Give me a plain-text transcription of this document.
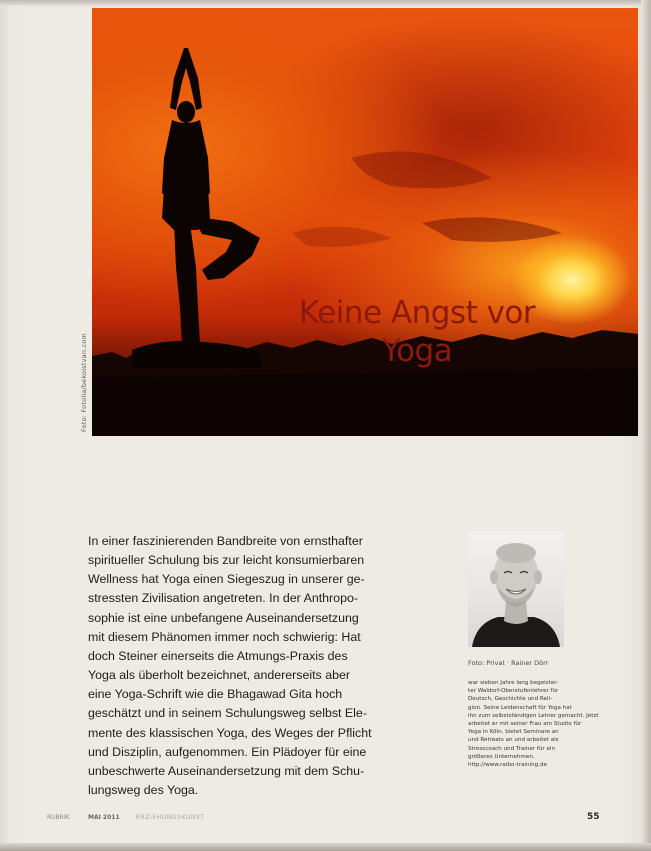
Keine Angst vor
Yoga
Foto: Fotolia/bekoistvan.com
In einer faszinierenden Bandbreite von ernsthafter
spiritueller Schulung bis zur leicht konsumierbaren
Wellness hat Yoga einen Siegeszug in unserer ge-
stressten Zivilisation angetreten. In der Anthropo-
sophie ist eine unbefangene Auseinandersetzung
mit diesem Phänomen immer noch schwierig: Hat
doch Steiner einerseits die Atmungs-Praxis des
Yoga als überholt bezeichnet, andererseits aber
eine Yoga-Schrift wie die Bhagawad Gita hoch
geschätzt und in seinem Schulungsweg selbst Ele-
mente des klassischen Yoga, des Weges der Pflicht
und Disziplin, aufgenommen. Ein Plädoyer für eine
unbeschwerte Auseinandersetzung mit dem Schu-
lungsweg des Yoga.
Foto: Privat · Rainer Dörr
war sieben Jahre lang begeister-
ter Waldorf-Oberstufenlehrer für
Deutsch, Geschichte und Reli-
gion. Seine Leidenschaft für Yoga hat
ihn zum selbstständigen Lehrer gemacht. Jetzt
arbeitet er mit seiner Frau am Studio für
Yoga in Köln, bietet Seminare an
und Retreats an und arbeitet als
Stresscoach und Trainer für ein
größeres Unternehmen.
http://www.raibo-training.de
RUBRIK	MAI 2011	ERZIEHUNGSKUNST	55
